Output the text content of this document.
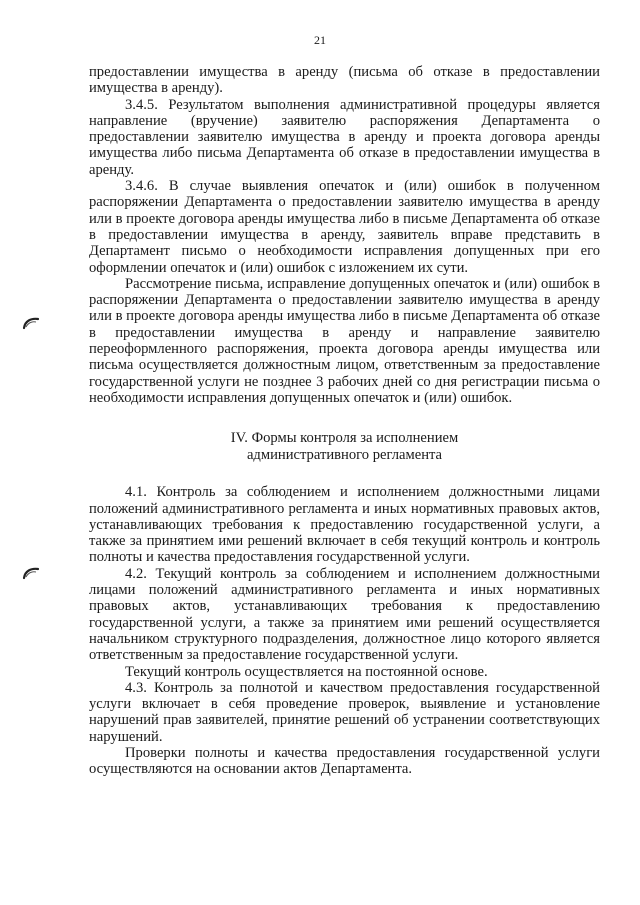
21

предоставлении имущества в аренду (письма об отказе в предоставлении имущества в аренду).

3.4.5. Результатом выполнения административной процедуры является направление (вручение) заявителю распоряжения Департамента о предоставлении заявителю имущества в аренду и проекта договора аренды имущества либо письма Департамента об отказе в предоставлении имущества в аренду.

3.4.6. В случае выявления опечаток и (или) ошибок в полученном распоряжении Департамента о предоставлении заявителю имущества в аренду или в проекте договора аренды имущества либо в письме Департамента об отказе в предоставлении имущества в аренду, заявитель вправе представить в Департамент письмо о необходимости исправления допущенных при его оформлении опечаток и (или) ошибок с изложением их сути.

Рассмотрение письма, исправление допущенных опечаток и (или) ошибок в распоряжении Департамента о предоставлении заявителю имущества в аренду или в проекте договора аренды имущества либо в письме Департамента об отказе в предоставлении имущества в аренду и направление заявителю переоформленного распоряжения, проекта договора аренды имущества или письма осуществляется должностным лицом, ответственным за предоставление государственной услуги не позднее 3 рабочих дней со дня регистрации письма о необходимости исправления допущенных опечаток и (или) ошибок.

IV. Формы контроля за исполнением
административного регламента

4.1. Контроль за соблюдением и исполнением должностными лицами положений административного регламента и иных нормативных правовых актов, устанавливающих требования к предоставлению государственной услуги, а также за принятием ими решений включает в себя текущий контроль и контроль полноты и качества предоставления государственной услуги.

4.2. Текущий контроль за соблюдением и исполнением должностными лицами положений административного регламента и иных нормативных правовых актов, устанавливающих требования к предоставлению государственной услуги, а также за принятием ими решений осуществляется начальником структурного подразделения, должностное лицо которого является ответственным за предоставление государственной услуги.

Текущий контроль осуществляется на постоянной основе.

4.3. Контроль за полнотой и качеством предоставления государственной услуги включает в себя проведение проверок, выявление и установление нарушений прав заявителей, принятие решений об устранении соответствующих нарушений.

Проверки полноты и качества предоставления государственной услуги осуществляются на основании актов Департамента.
